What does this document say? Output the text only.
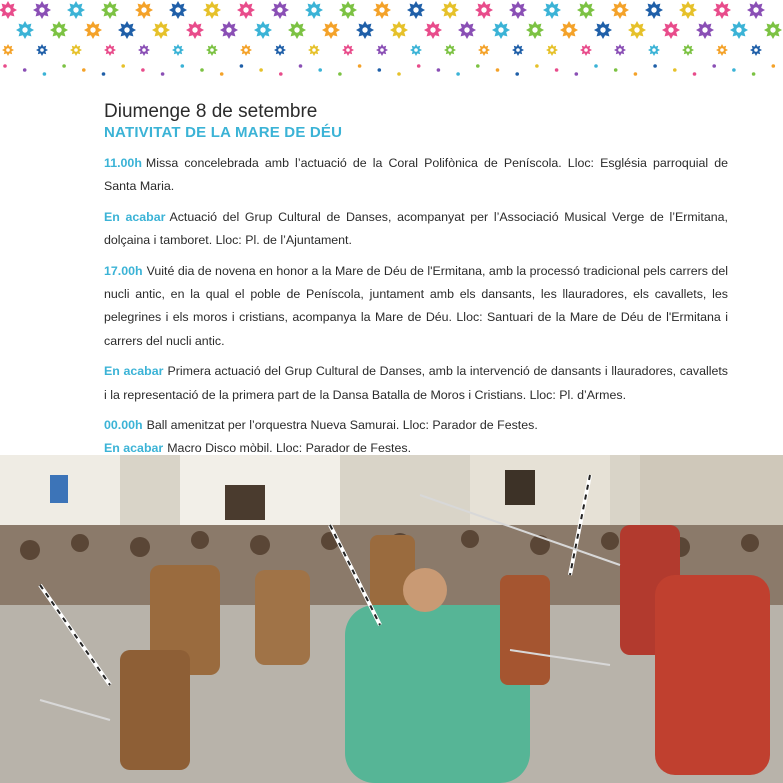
Diumenge 8 de setembre
NATIVITAT DE LA MARE DE DÉU

11.00h Missa concelebrada amb l’actuació de la Coral Polifònica de Peníscola. Lloc: Església parroquial de Santa Maria.

En acabar Actuació del Grup Cultural de Danses, acompanyat per l’Associació Musical Verge de l’Ermitana, dolçaina i tamboret. Lloc: Pl. de l’Ajuntament.

17.00h Vuité dia de novena en honor a la Mare de Déu de l'Ermitana, amb la processó tradicional pels carrers del nucli antic, en la qual el poble de Peníscola, juntament amb els dansants, les llauradores, els cavallets, les pelegrines i els moros i cristians, acompanya la Mare de Déu. Lloc: Santuari de la Mare de Déu de l'Ermitana i carrers del nucli antic.

En acabar Primera actuació del Grup Cultural de Danses, amb la intervenció de dansants i llauradores, cavallets i la representació de la primera part de la Dansa Batalla de Moros i Cristians. Lloc: Pl. d’Armes.

00.00h Ball amenitzat per l’orquestra Nueva Samurai. Lloc: Parador de Festes.

En acabar Macro Disco mòbil. Lloc: Parador de Festes.
